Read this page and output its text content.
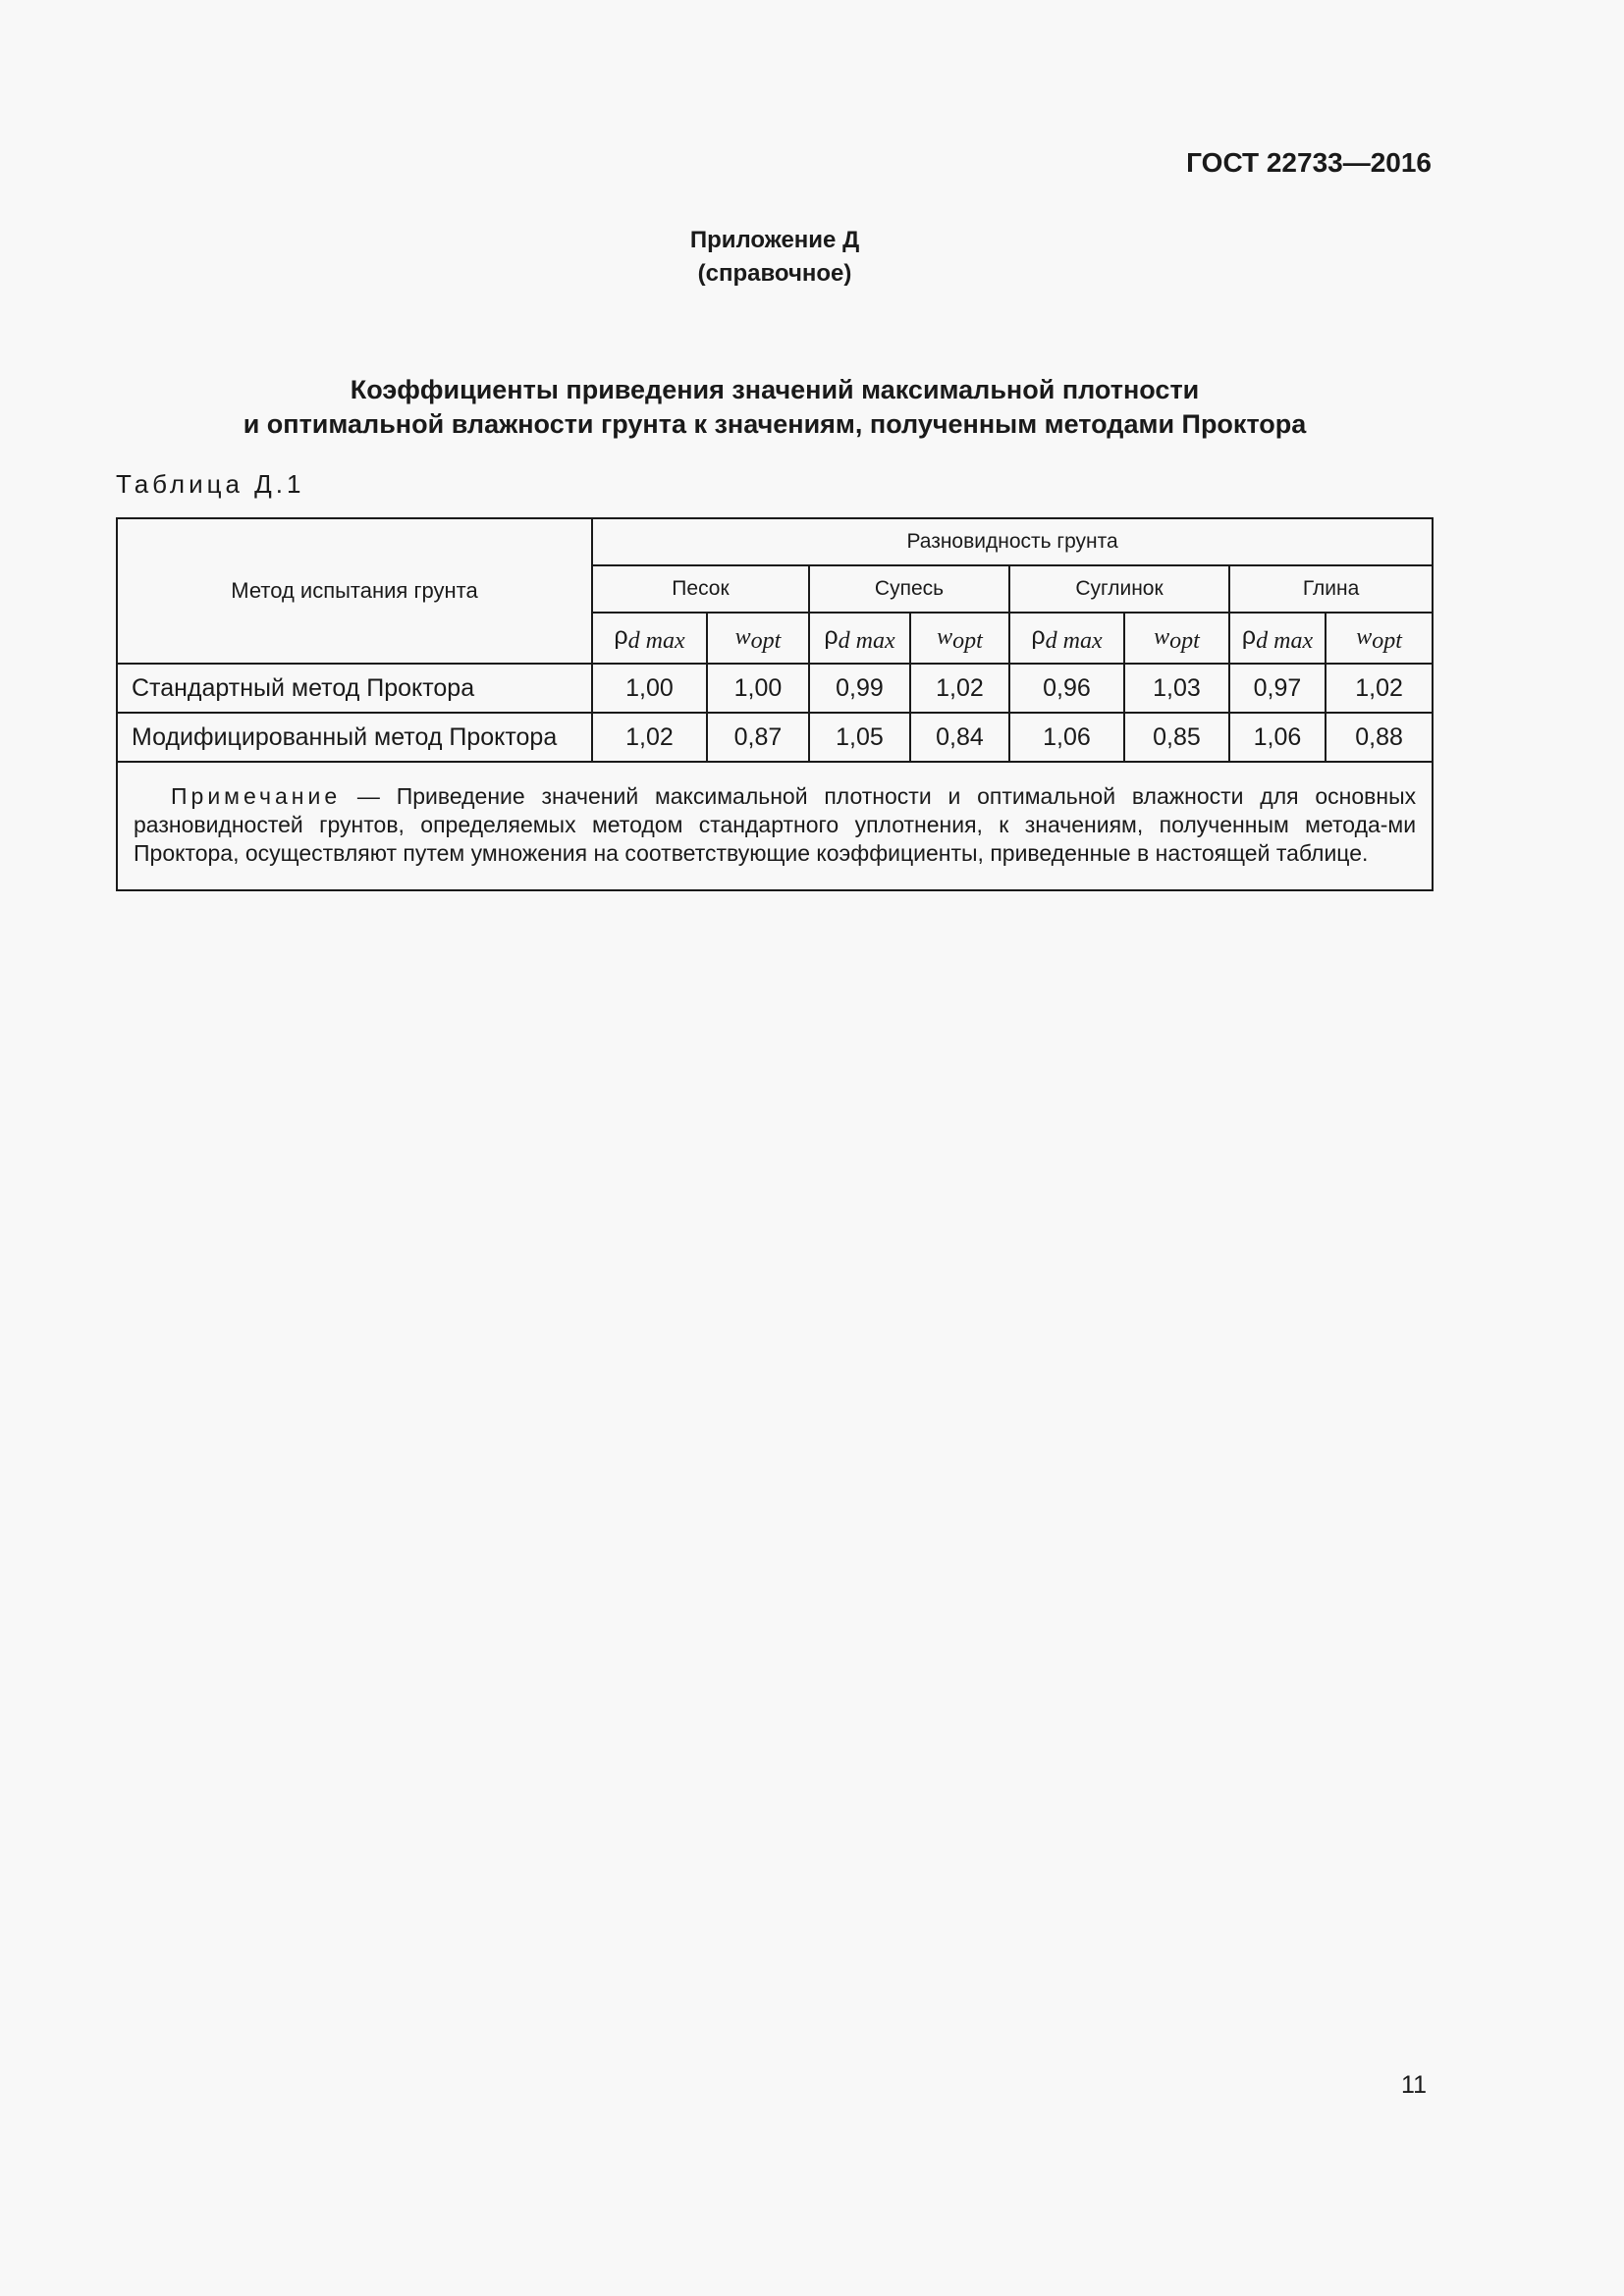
ГОСТ 22733—2016
Приложение Д
(справочное)
Коэффициенты приведения значений максимальной плотности
и оптимальной влажности грунта к значениям, полученным методами Проктора
Таблица Д.1
Метод испытания грунта	Разновидность грунта							
	Песок		Супесь		Суглинок		Глина	
	$\rho_{d max}$	$w_{opt}$	$\rho_{d max}$	$w_{opt}$	$\rho_{d max}$	$w_{opt}$	$\rho_{d max}$	$w_{opt}$
Стандартный метод Проктора	1,00	1,00	0,99	1,02	0,96	1,03	0,97	1,02
Модифицированный метод Проктора	1,02	0,87	1,05	0,84	1,06	0,85	1,06	0,88

Примечание — Приведение значений максимальной плотности и оптимальной влажности для основных разновидностей грунтов, определяемых методом стандартного уплотнения, к значениям, полученным метода-ми Проктора, осуществляют путем умножения на соответствующие коэффициенты, приведенные в настоящей таблице.								
11
